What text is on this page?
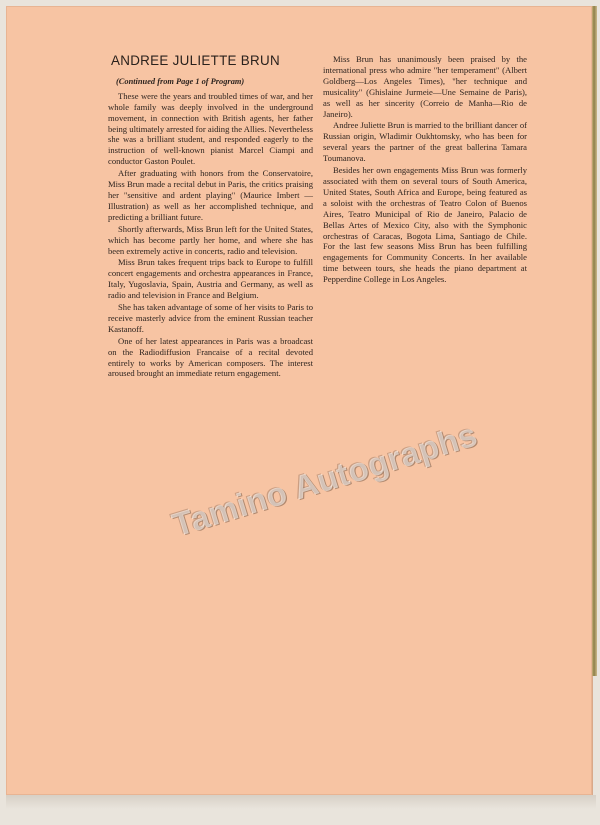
ANDREE JULIETTE BRUN
(Continued from Page 1 of Program)

These were the years and troubled times of war, and her whole family was deeply involved in the underground movement, in connection with British agents, her father being ultimately arrested for aiding the Allies. Nevertheless she was a brilliant student, and responded eagerly to the instruction of well-known pianist Marcel Ciampi and conductor Gaston Poulet.

After graduating with honors from the Conservatoire, Miss Brun made a recital debut in Paris, the critics praising her "sensitive and ardent playing" (Maurice Imbert — Illustration) as well as her accomplished technique, and predicting a brilliant future.

Shortly afterwards, Miss Brun left for the United States, which has become partly her home, and where she has been extremely active in concerts, radio and television.

Miss Brun takes frequent trips back to Europe to fulfill concert engagements and orchestra appearances in France, Italy, Yugoslavia, Spain, Austria and Germany, as well as radio and television in France and Belgium.

She has taken advantage of some of her visits to Paris to receive masterly advice from the eminent Russian teacher Kastanoff.

One of her latest appearances in Paris was a broadcast on the Radiodiffusion Francaise of a recital devoted entirely to works by American composers. The interest aroused brought an immediate return engagement.

Miss Brun has unanimously been praised by the international press who admire "her temperament" (Albert Goldberg—Los Angeles Times), "her technique and musicality" (Ghislaine Jurmeie—Une Semaine de Paris), as well as her sincerity (Correio de Manha—Rio de Janeiro).

Andree Juliette Brun is married to the brilliant dancer of Russian origin, Wladimir Oukhtomsky, who has been for several years the partner of the great ballerina Tamara Toumanova.

Besides her own engagements Miss Brun was formerly associated with them on several tours of South America, United States, South Africa and Europe, being featured as a soloist with the orchestras of Teatro Colon of Buenos Aires, Teatro Municipal of Rio de Janeiro, Palacio de Bellas Artes of Mexico City, also with the Symphonic orchestras of Caracas, Bogota Lima, Santiago de Chile. For the last few seasons Miss Brun has been fulfilling engagements for Community Concerts. In her available time between tours, she heads the piano department at Pepperdine College in Los Angeles.

Tamino Autographs
